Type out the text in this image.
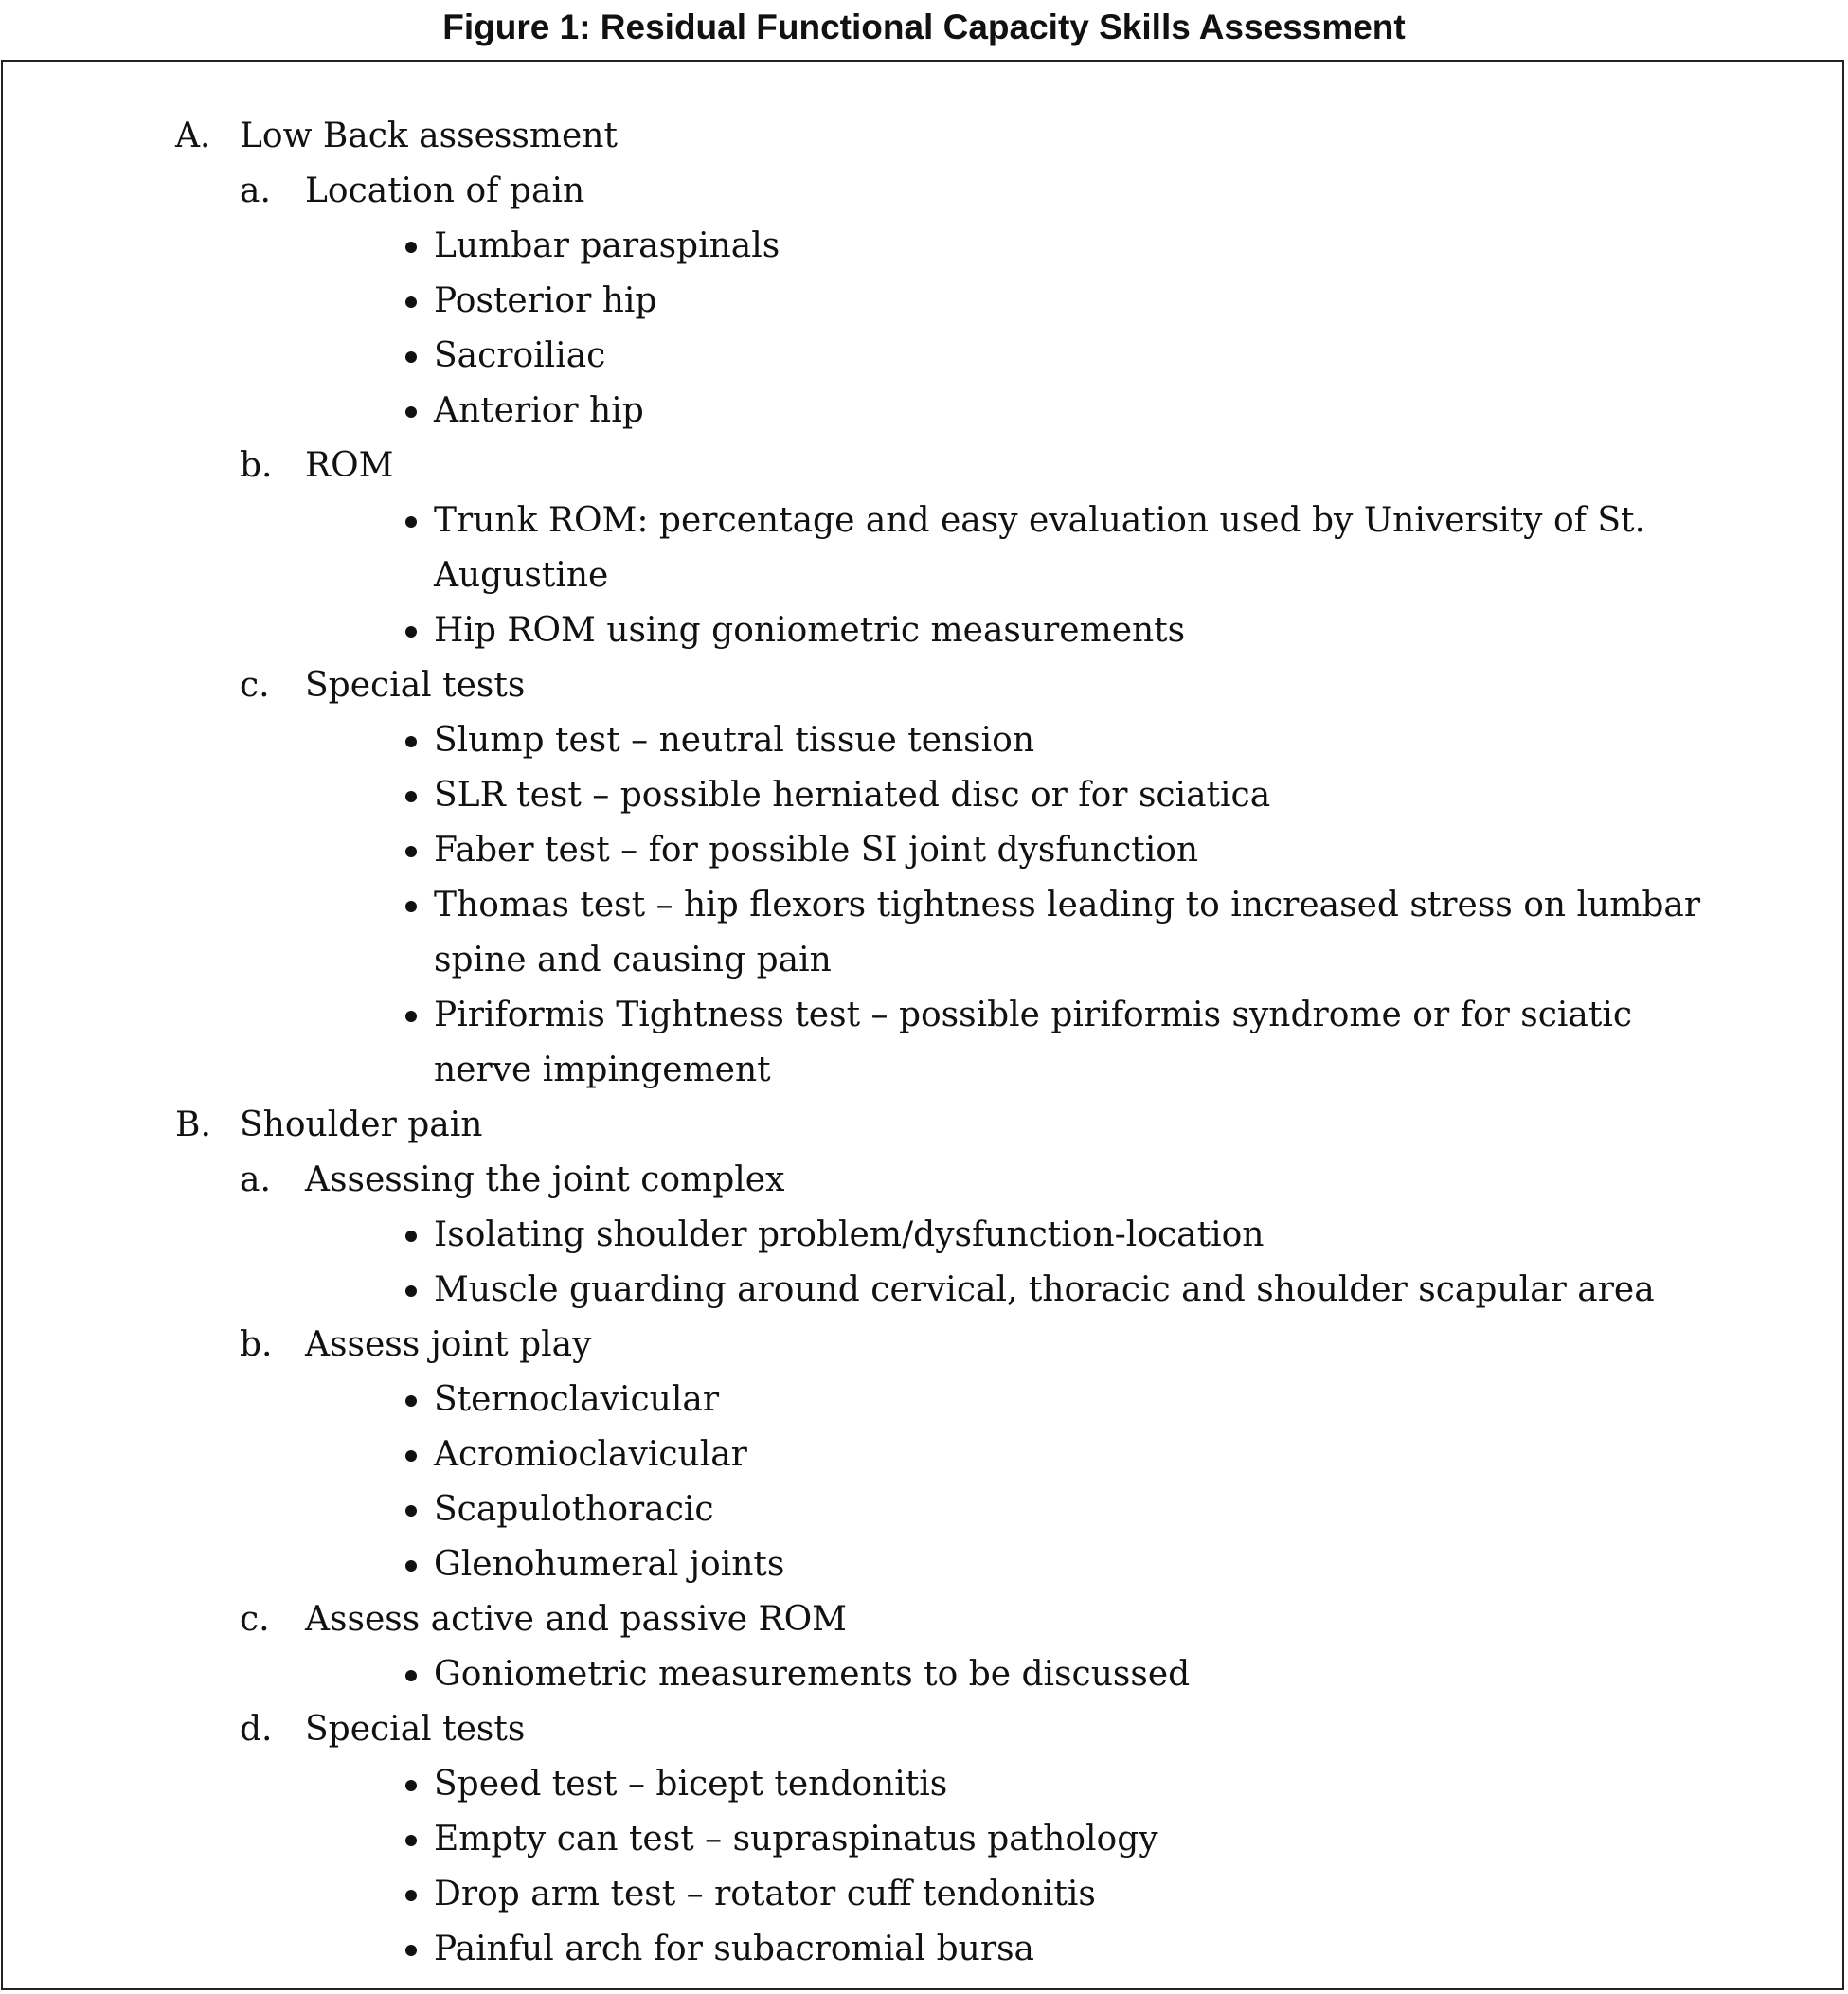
Figure 1: Residual Functional Capacity Skills Assessment
A. Low Back assessment
a. Location of pain
Lumbar paraspinals
Posterior hip
Sacroiliac
Anterior hip
b. ROM
Trunk ROM: percentage and easy evaluation used by University of St. Augustine
Hip ROM using goniometric measurements
c. Special tests
Slump test – neutral tissue tension
SLR test – possible herniated disc or for sciatica
Faber test – for possible SI joint dysfunction
Thomas test – hip flexors tightness leading to increased stress on lumbar spine and causing pain
Piriformis Tightness test – possible piriformis syndrome or for sciatic nerve impingement
B. Shoulder pain
a. Assessing the joint complex
Isolating shoulder problem/dysfunction-location
Muscle guarding around cervical, thoracic and shoulder scapular area
b. Assess joint play
Sternoclavicular
Acromioclavicular
Scapulothoracic
Glenohumeral joints
c. Assess active and passive ROM
Goniometric measurements to be discussed
d. Special tests
Speed test – bicept tendonitis
Empty can test – supraspinatus pathology
Drop arm test – rotator cuff tendonitis
Painful arch for subacromial bursa
